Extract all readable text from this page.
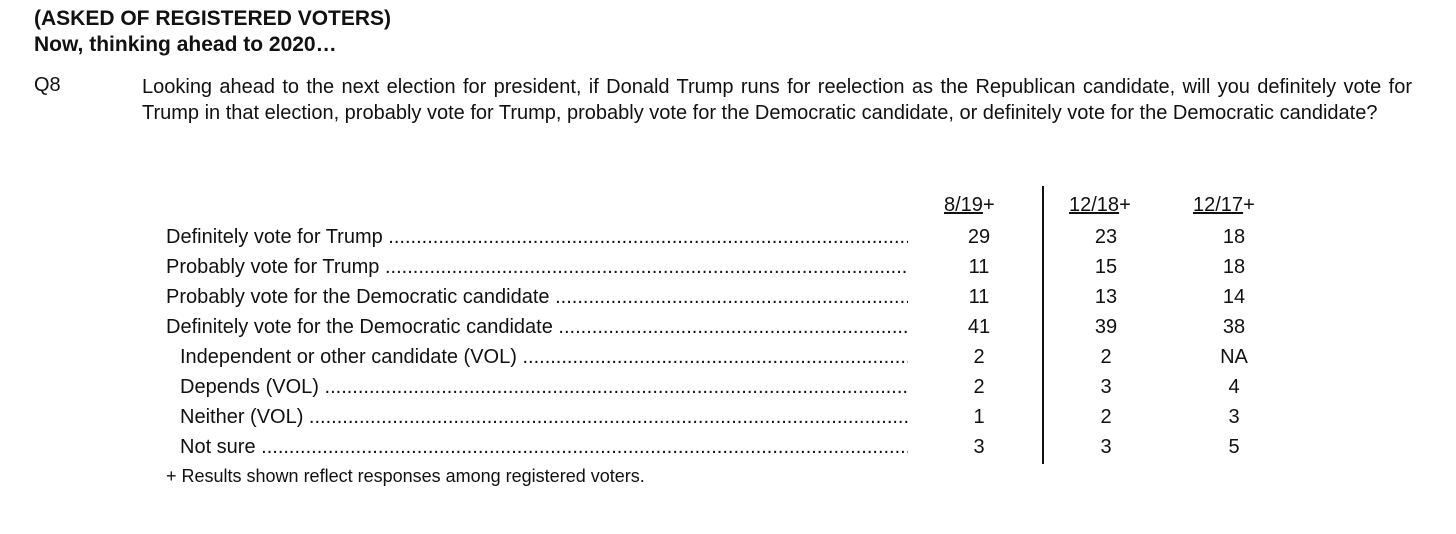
(ASKED OF REGISTERED VOTERS)
Now, thinking ahead to 2020…
Q8	Looking ahead to the next election for president, if Donald Trump runs for reelection as the Republican candidate, will you definitely vote for Trump in that election, probably vote for Trump, probably vote for the Democratic candidate, or definitely vote for the Democratic candidate?
8/19+	12/18+	12/17+
Definitely vote for Trump .....	29	23	18
Probably vote for Trump .....	11	15	18
Probably vote for the Democratic candidate .....	11	13	14
Definitely vote for the Democratic candidate .....	41	39	38
Independent or other candidate (VOL) .....	2	2	NA
Depends (VOL) .....	2	3	4
Neither (VOL) .....	1	2	3
Not sure .....	3	3	5
+ Results shown reflect responses among registered voters.
